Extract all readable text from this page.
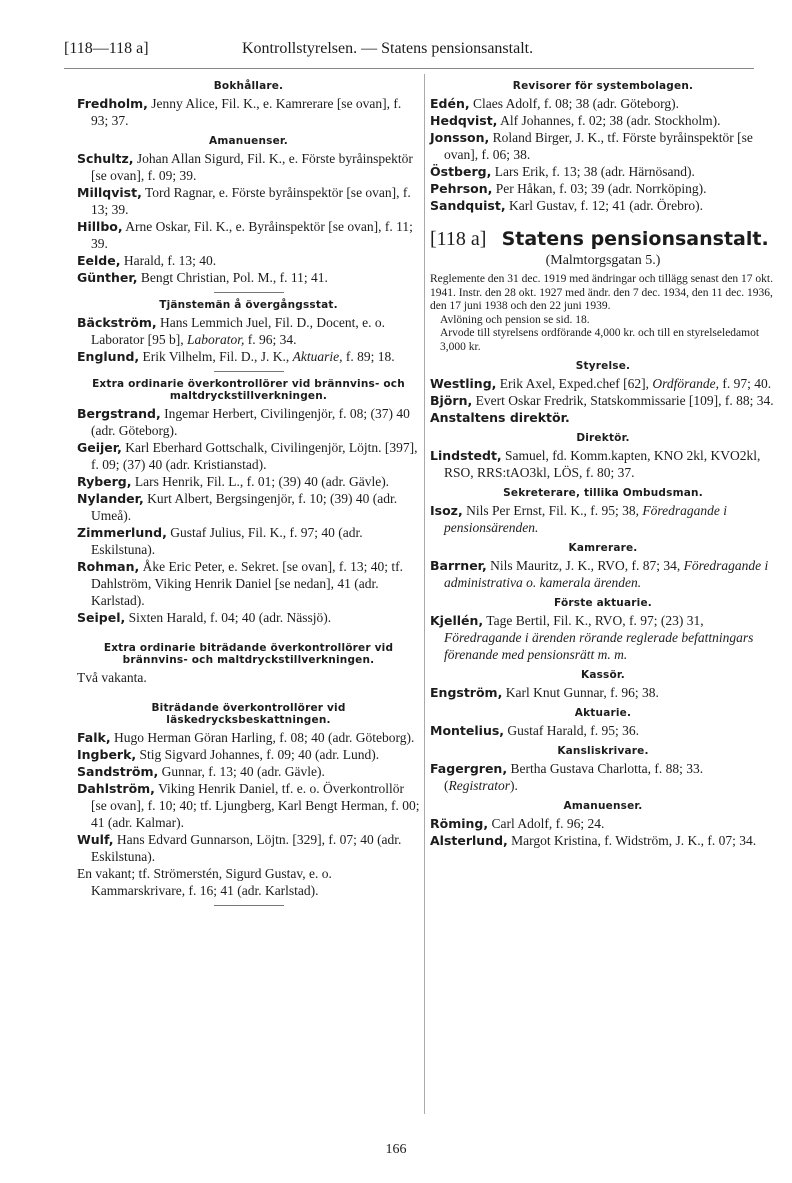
[118—118 a]	Kontrollstyrelsen. — Statens pensionsanstalt.
Bokhållare.

Fredholm, Jenny Alice, Fil. K., e. Kamrerare [se ovan], f. 93; 37.

Amanuenser.

Schultz, Johan Allan Sigurd, Fil. K., e. Förste byråinspektör [se ovan], f. 09; 39.

Millqvist, Tord Ragnar, e. Förste byråinspektör [se ovan], f. 13; 39.

Hillbo, Arne Oskar, Fil. K., e. Byråinspektör [se ovan], f. 11; 39.

Eelde, Harald, f. 13; 40.

Günther, Bengt Christian, Pol. M., f. 11; 41.

Tjänstemän å övergångsstat.

Bäckström, Hans Lemmich Juel, Fil. D., Docent, e. o. Laborator [95 b], Laborator, f. 96; 34.

Englund, Erik Vilhelm, Fil. D., J. K., Aktuarie, f. 89; 18.

Extra ordinarie överkontrollörer vid brännvins- och maltdryckstillverkningen.

Bergstrand, Ingemar Herbert, Civilingenjör, f. 08; (37) 40 (adr. Göteborg).

Geijer, Karl Eberhard Gottschalk, Civilingenjör, Löjtn. [397], f. 09; (37) 40 (adr. Kristianstad).

Ryberg, Lars Henrik, Fil. L., f. 01; (39) 40 (adr. Gävle).

Nylander, Kurt Albert, Bergsingenjör, f. 10; (39) 40 (adr. Umeå).

Zimmerlund, Gustaf Julius, Fil. K., f. 97; 40 (adr. Eskilstuna).

Rohman, Åke Eric Peter, e. Sekret. [se ovan], f. 13; 40; tf. Dahlström, Viking Henrik Daniel [se nedan], 41 (adr. Karlstad).

Seipel, Sixten Harald, f. 04; 40 (adr. Nässjö).

Extra ordinarie biträdande överkontrollörer vid brännvins- och maltdryckstillverkningen.

Två vakanta.

Biträdande överkontrollörer vid läskedrycksbeskattningen.

Falk, Hugo Herman Göran Harling, f. 08; 40 (adr. Göteborg).

Ingberk, Stig Sigvard Johannes, f. 09; 40 (adr. Lund).

Sandström, Gunnar, f. 13; 40 (adr. Gävle).

Dahlström, Viking Henrik Daniel, tf. e. o. Överkontrollör [se ovan], f. 10; 40; tf. Ljungberg, Karl Bengt Herman, f. 00; 41 (adr. Kalmar).

Wulf, Hans Edvard Gunnarson, Löjtn. [329], f. 07; 40 (adr. Eskilstuna).

En vakant; tf. Strömerstén, Sigurd Gustav, e. o. Kammarskrivare, f. 16; 41 (adr. Karlstad).

Revisorer för systembolagen.

Edén, Claes Adolf, f. 08; 38 (adr. Göteborg).

Hedqvist, Alf Johannes, f. 02; 38 (adr. Stockholm).

Jonsson, Roland Birger, J. K., tf. Förste byråinspektör [se ovan], f. 06; 38.

Östberg, Lars Erik, f. 13; 38 (adr. Härnösand).

Pehrson, Per Håkan, f. 03; 39 (adr. Norrköping).

Sandquist, Karl Gustav, f. 12; 41 (adr. Örebro).

[118 a] Statens pensionsanstalt.
(Malmtorgsgatan 5.)

Reglemente den 31 dec. 1919 med ändringar och tillägg senast den 17 okt. 1941. Instr. den 28 okt. 1927 med ändr. den 7 dec. 1934, den 11 dec. 1936, den 17 juni 1938 och den 22 juni 1939.

Avlöning och pension se sid. 18.

Arvode till styrelsens ordförande 4,000 kr. och till en styrelseledamot 3,000 kr.

Styrelse.

Westling, Erik Axel, Exped.chef [62], Ordförande, f. 97; 40.

Björn, Evert Oskar Fredrik, Statskommissarie [109], f. 88; 34.

Anstaltens direktör.

Direktör.

Lindstedt, Samuel, fd. Komm.kapten, KNO 2kl, KVO2kl, RSO, RRS:tAO3kl, LÖS, f. 80; 37.

Sekreterare, tillika Ombudsman.

Isoz, Nils Per Ernst, Fil. K., f. 95; 38, Föredragande i pensionsärenden.

Kamrerare.

Barrner, Nils Mauritz, J. K., RVO, f. 87; 34, Föredragande i administrativa o. kamerala ärenden.

Förste aktuarie.

Kjellén, Tage Bertil, Fil. K., RVO, f. 97; (23) 31, Föredragande i ärenden rörande reglerade befattningars förenande med pensionsrätt m. m.

Kassör.

Engström, Karl Knut Gunnar, f. 96; 38.

Aktuarie.

Montelius, Gustaf Harald, f. 95; 36.

Kansliskrivare.

Fagergren, Bertha Gustava Charlotta, f. 88; 33. (Registrator).

Amanuenser.

Röming, Carl Adolf, f. 96; 24.

Alsterlund, Margot Kristina, f. Widström, J. K., f. 07; 34.

166
